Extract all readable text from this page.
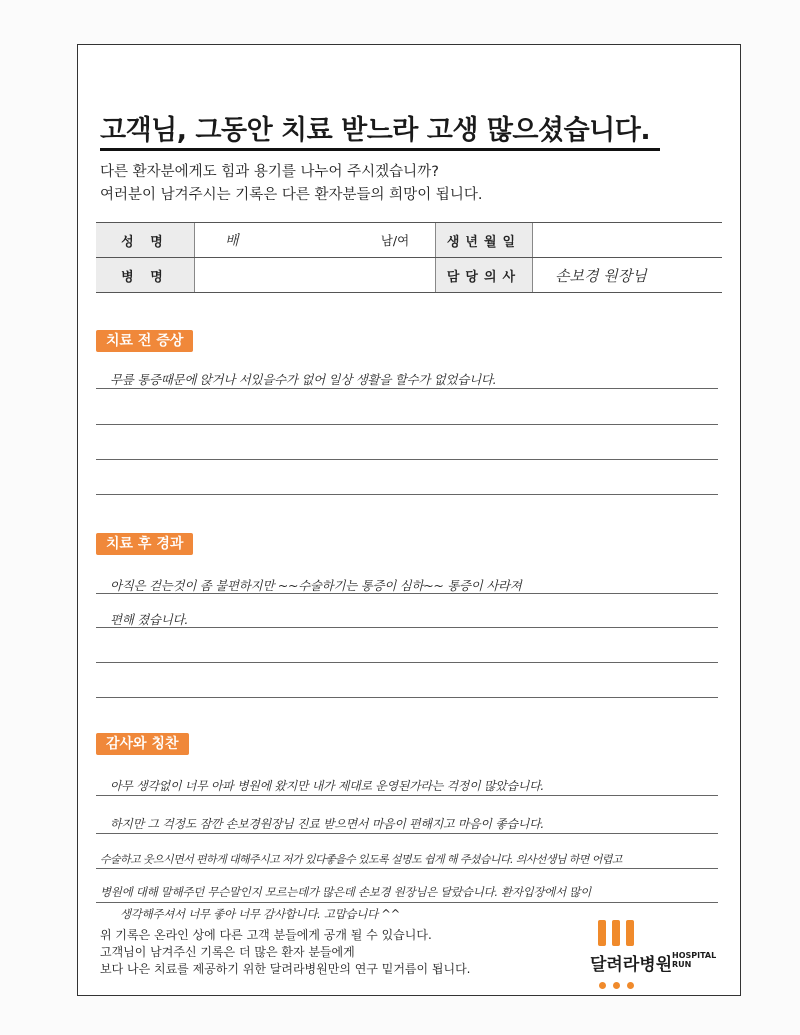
고객님, 그동안 치료 받느라 고생 많으셨습니다.
다른 환자분에게도 힘과 용기를 나누어 주시겠습니까?
여러분이 남겨주시는 기록은 다른 환자분들의 희망이 됩니다.
성 명	배	남/여	생년월일	
병 명			담당의사	손보경 원장님
치료 전 증상
무릎 통증때문에 앉거나 서있을수가 없어 일상 생활을 할수가 없었습니다.
치료 후 경과
아직은 걷는것이 좀 불편하지만 ~~수술하기는 통증이 심하~~ 통증이 사라져
편해 졌습니다.
감사와 칭찬
아무 생각없이 너무 아파 병원에 왔지만 내가 제대로 운영된가라는 걱정이 많았습니다.
하지만 그 걱정도 잠깐 손보경원장님 진료 받으면서 마음이 편해지고 마음이 좋습니다.
수술하고 웃으시면서 편하게 대해주시고 저가 있다좋을수 있도록 설명도 쉽게 해 주셨습니다. 의사선생님 하면 어렵고
병원에 대해 말해주던 무슨말인지 모르는데가 많은데 손보경 원장님은 달랐습니다. 환자입장에서 많이
생각해주셔서 너무 좋아 너무 감사합니다. 고맙습니다 ^^
위 기록은 온라인 상에 다른 고객 분들에게 공개 될 수 있습니다.
고객님이 남겨주신 기록은 더 많은 환자 분들에게
보다 나은 치료를 제공하기 위한 달려라병원만의 연구 밑거름이 됩니다.	달려라병원 HOSPITAL
RUN
